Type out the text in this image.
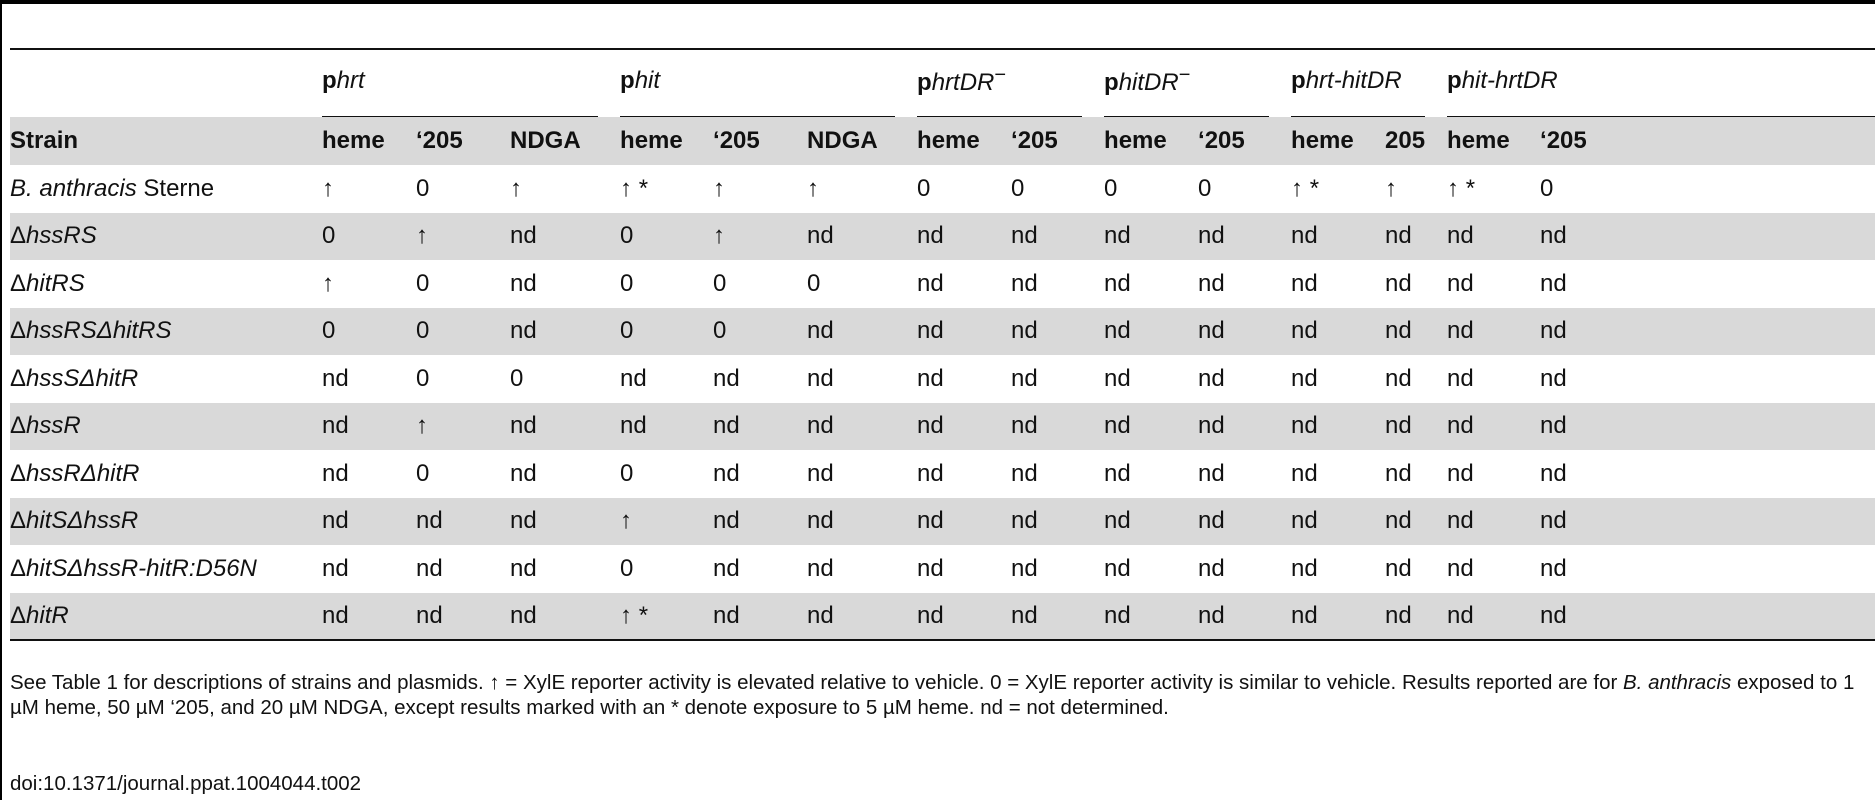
	phrt			phit			phrtDR−		phitDR−		phrt-hitDR		phit-hrtDR	

Strain	heme	‘205	NDGA	heme	‘205	NDGA	heme	‘205	heme	‘205	heme	205	heme	‘205
B. anthracis Sterne	↑	0	↑	↑ *	↑	↑	0	0	0	0	↑ *	↑	↑ *	0
ΔhssRS	0	↑	nd	0	↑	nd	nd	nd	nd	nd	nd	nd	nd	nd
ΔhitRS	↑	0	nd	0	0	0	nd	nd	nd	nd	nd	nd	nd	nd
ΔhssRSΔhitRS	0	0	nd	0	0	nd	nd	nd	nd	nd	nd	nd	nd	nd
ΔhssSΔhitR	nd	0	0	nd	nd	nd	nd	nd	nd	nd	nd	nd	nd	nd
ΔhssR	nd	↑	nd	nd	nd	nd	nd	nd	nd	nd	nd	nd	nd	nd
ΔhssRΔhitR	nd	0	nd	0	nd	nd	nd	nd	nd	nd	nd	nd	nd	nd
ΔhitSΔhssR	nd	nd	nd	↑	nd	nd	nd	nd	nd	nd	nd	nd	nd	nd
ΔhitSΔhssR-hitR:D56N	nd	nd	nd	0	nd	nd	nd	nd	nd	nd	nd	nd	nd	nd
ΔhitR	nd	nd	nd	↑ *	nd	nd	nd	nd	nd	nd	nd	nd	nd	nd
See Table 1 for descriptions of strains and plasmids. ↑ = XylE reporter activity is elevated relative to vehicle. 0 = XylE reporter activity is similar to vehicle. Results reported are for B. anthracis exposed to 1 µM heme, 50 µM ‘205, and 20 µM NDGA, except results marked with an * denote exposure to 5 µM heme. nd = not determined.
doi:10.1371/journal.ppat.1004044.t002
